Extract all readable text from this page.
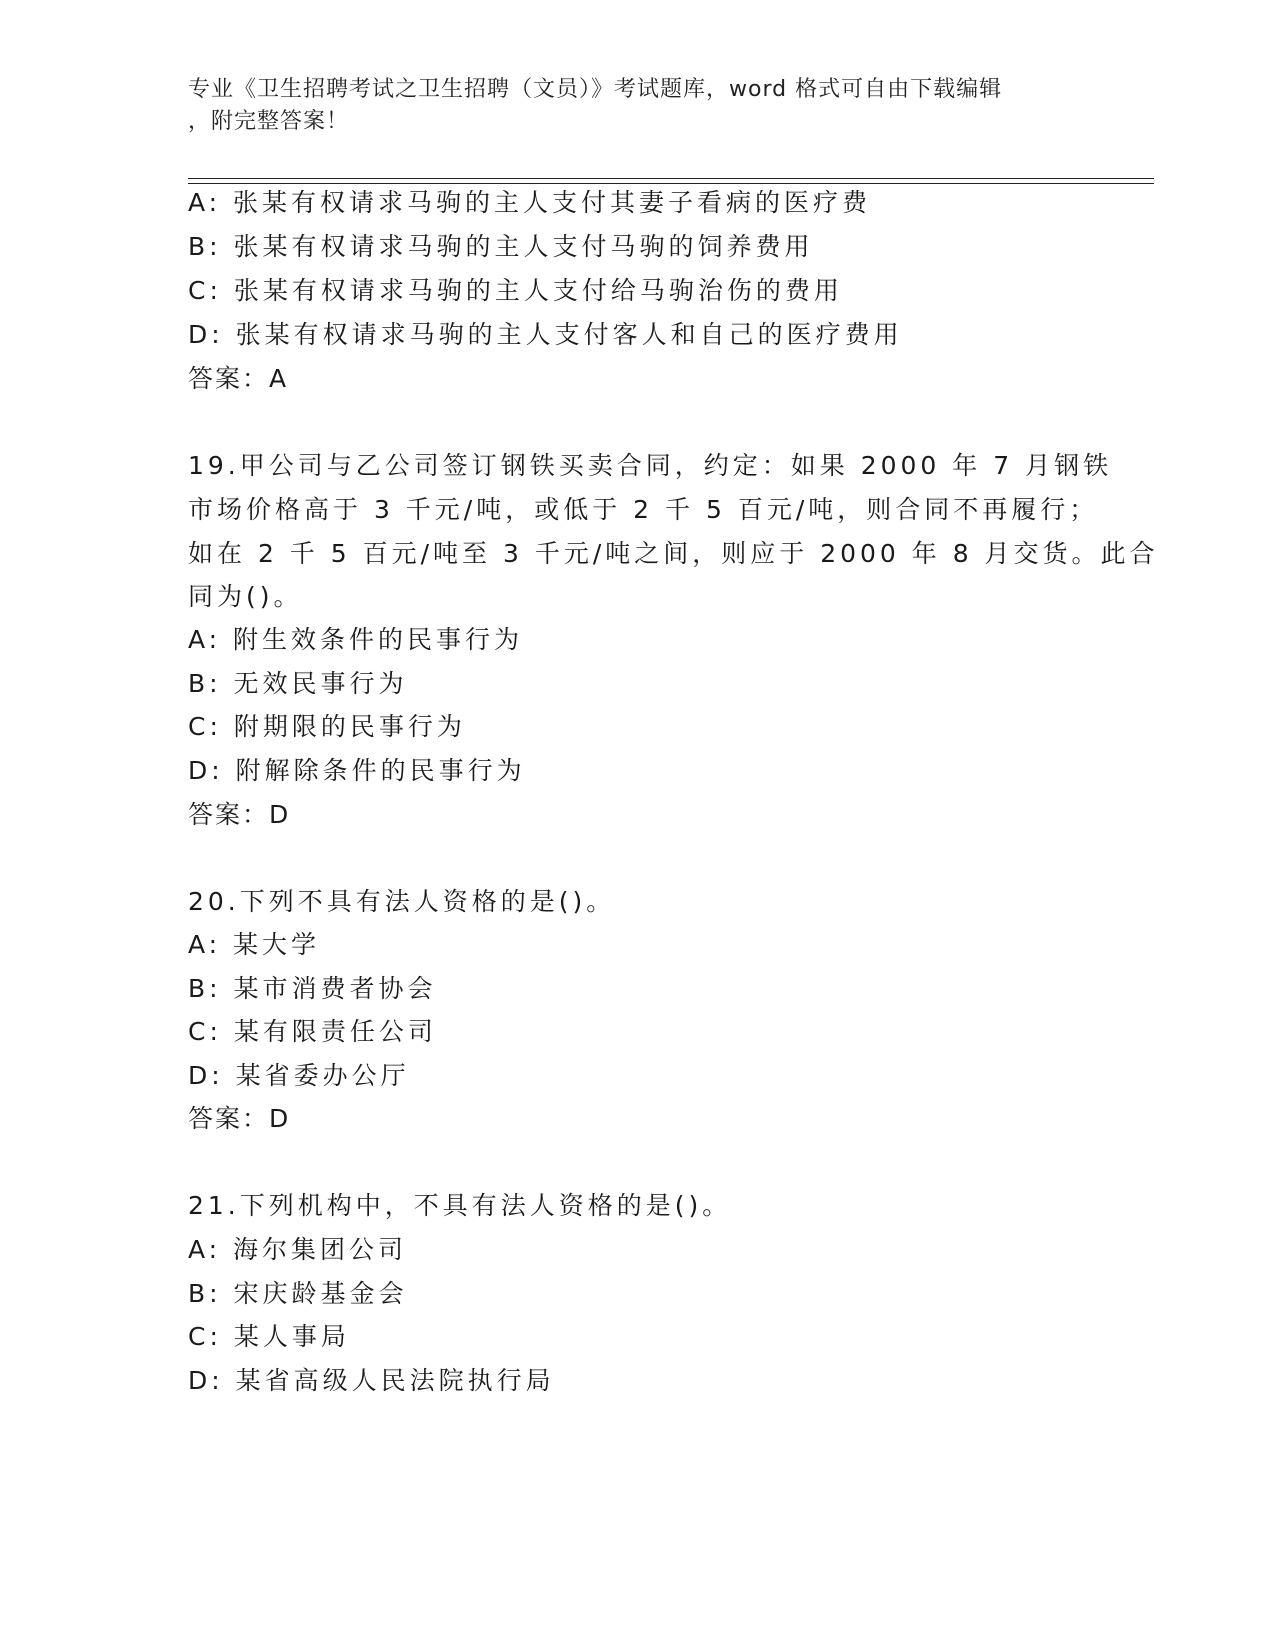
专业《卫生招聘考试之卫生招聘（文员）》考试题库，word 格式可自由下载编辑
，附完整答案！
A: 张某有权请求马驹的主人支付其妻子看病的医疗费
B: 张某有权请求马驹的主人支付马驹的饲养费用
C: 张某有权请求马驹的主人支付给马驹治伤的费用
D: 张某有权请求马驹的主人支付客人和自己的医疗费用
答案：A
19.甲公司与乙公司签订钢铁买卖合同，约定：如果 2000 年 7 月钢铁
市场价格高于 3 千元/吨，或低于 2 千 5 百元/吨，则合同不再履行；
如在 2 千 5 百元/吨至 3 千元/吨之间，则应于 2000 年 8 月交货。此合
同为()。
A: 附生效条件的民事行为
B: 无效民事行为
C: 附期限的民事行为
D: 附解除条件的民事行为
答案：D
20.下列不具有法人资格的是()。
A: 某大学
B: 某市消费者协会
C: 某有限责任公司
D: 某省委办公厅
答案：D
21.下列机构中，不具有法人资格的是()。
A: 海尔集团公司
B: 宋庆龄基金会
C: 某人事局
D: 某省高级人民法院执行局
